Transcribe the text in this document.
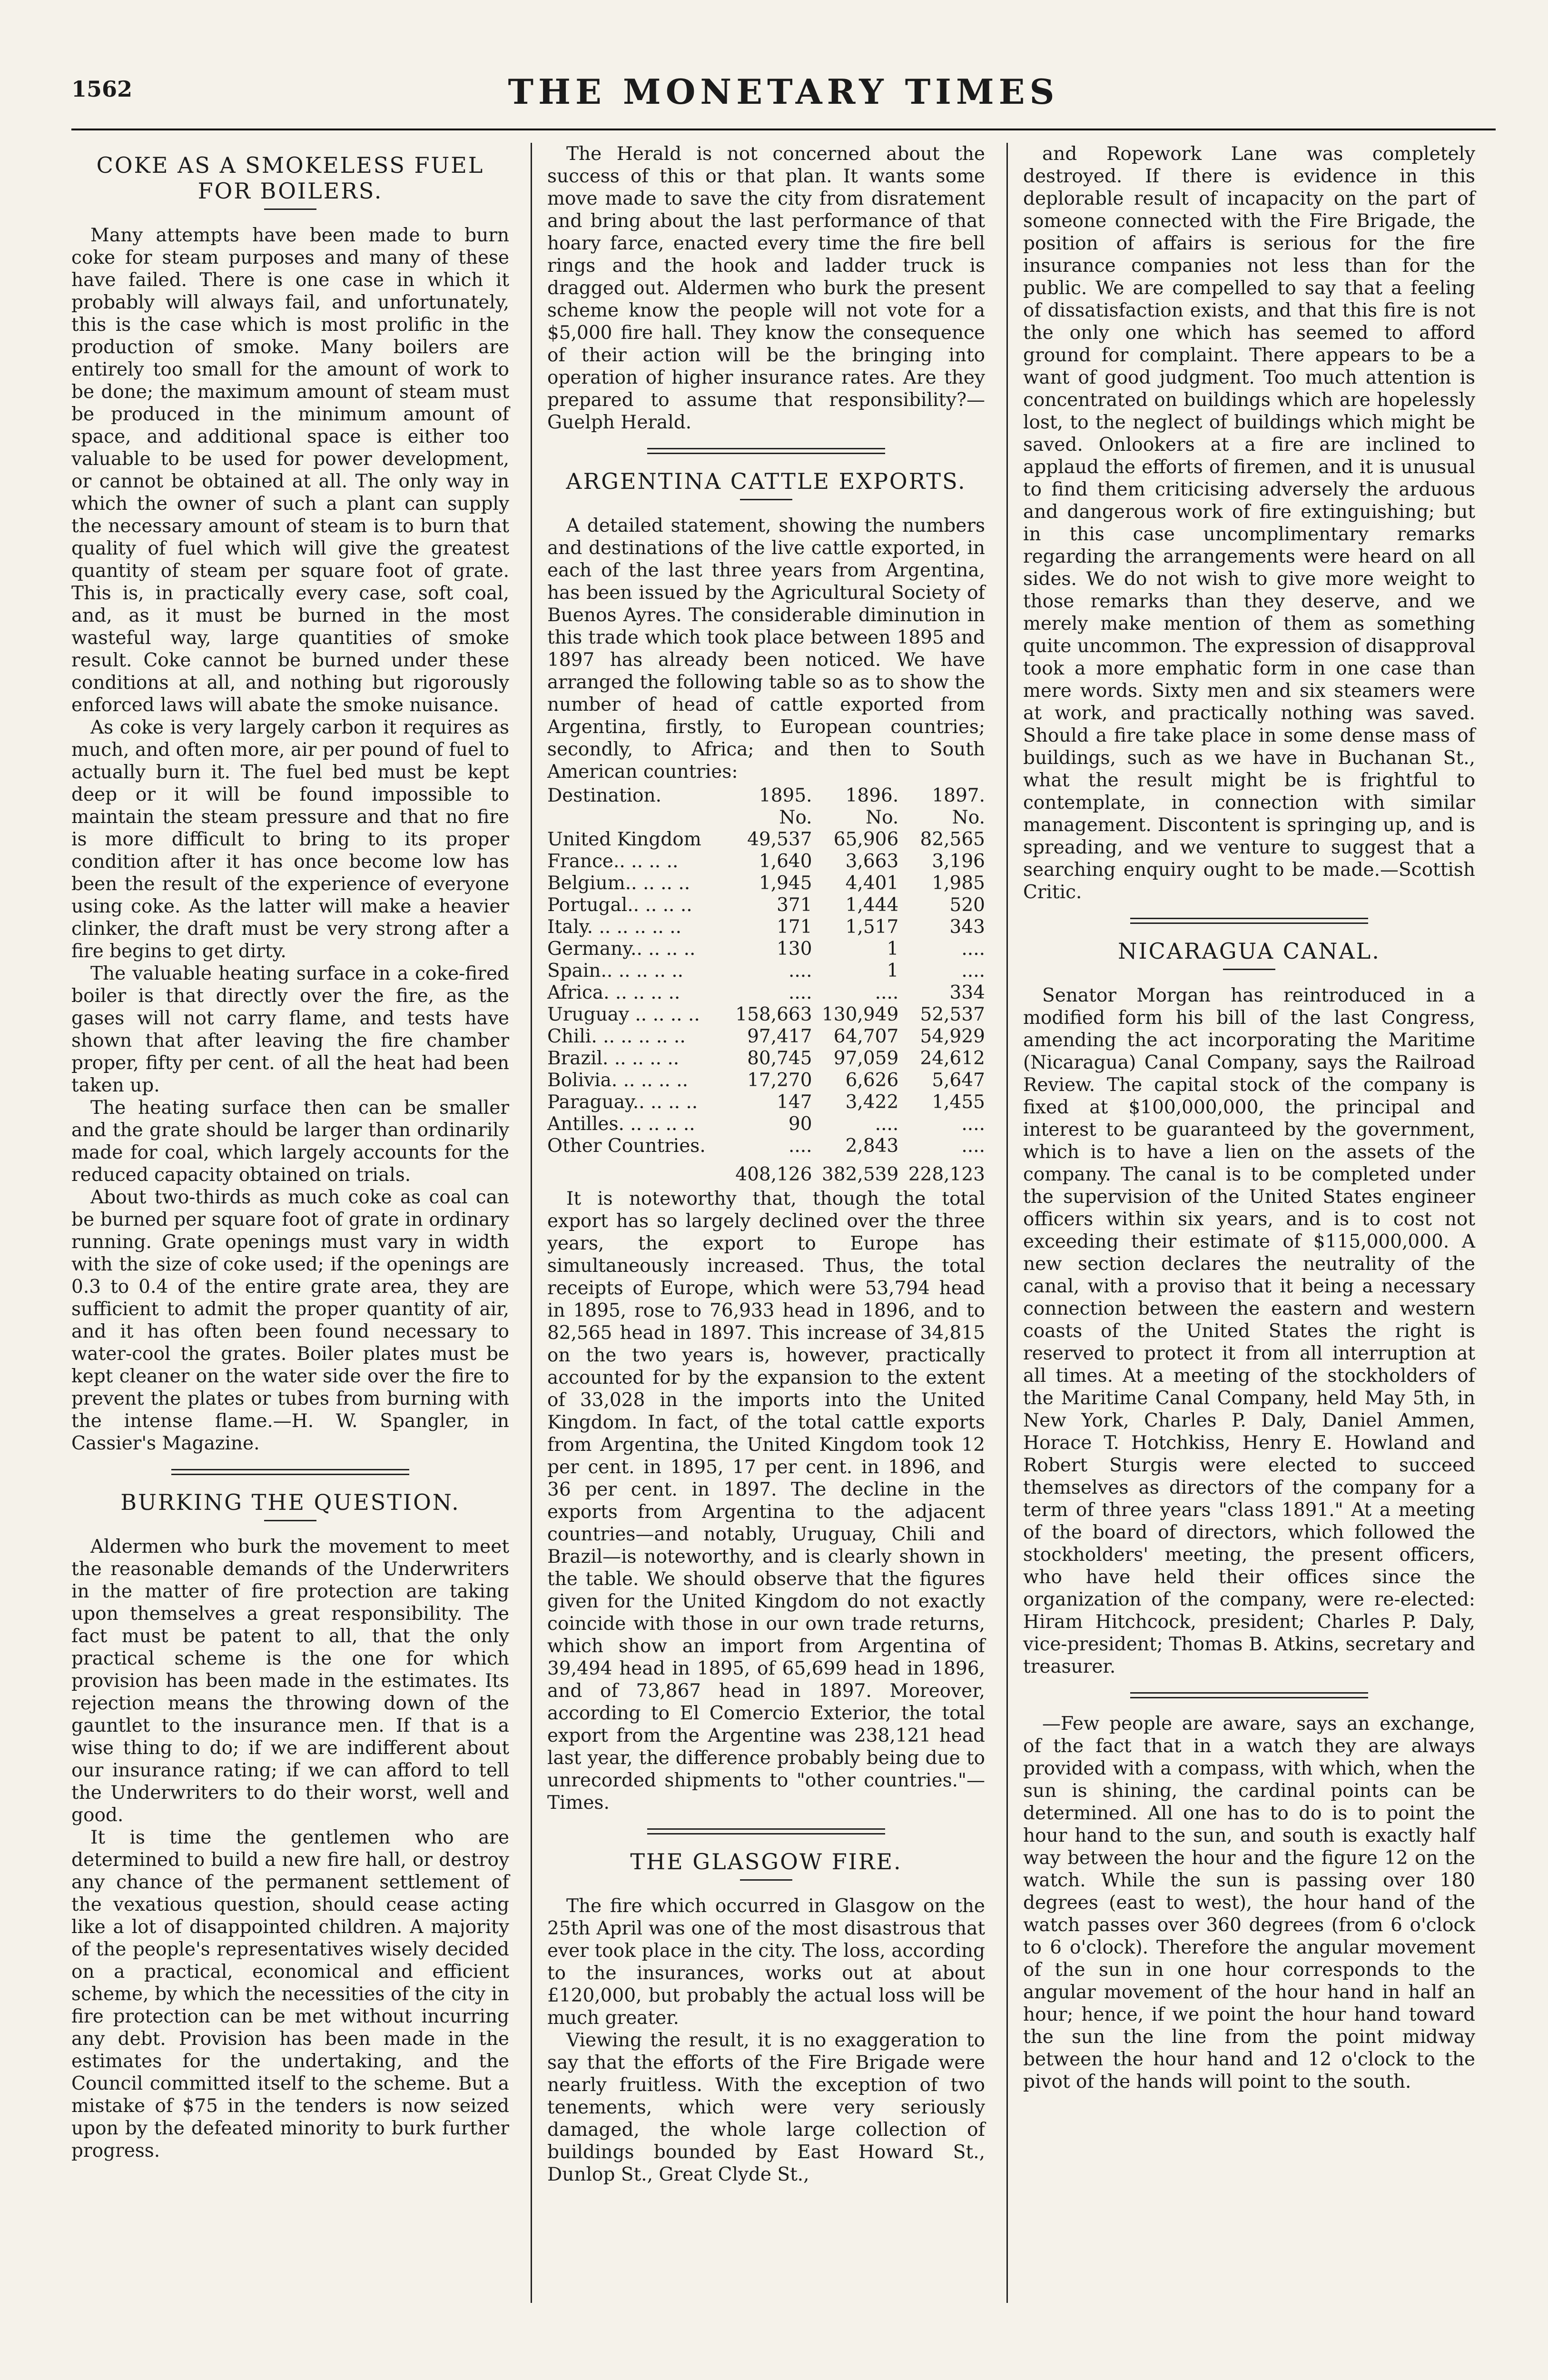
1562	THE MONETARY TIMES
COKE AS A SMOKELESS FUEL FOR BOILERS.

Many attempts have been made to burn coke for steam purposes and many of these have failed. There is one case in which it probably will always fail, and unfortunately, this is the case which is most prolific in the production of smoke. Many boilers are entirely too small for the amount of work to be done; the maximum amount of steam must be produced in the minimum amount of space, and additional space is either too valuable to be used for power development, or cannot be obtained at all. The only way in which the owner of such a plant can supply the necessary amount of steam is to burn that quality of fuel which will give the greatest quantity of steam per square foot of grate. This is, in practically every case, soft coal, and, as it must be burned in the most wasteful way, large quantities of smoke result. Coke cannot be burned under these conditions at all, and nothing but rigorously enforced laws will abate the smoke nuisance.

As coke is very largely carbon it requires as much, and often more, air per pound of fuel to actually burn it. The fuel bed must be kept deep or it will be found impossible to maintain the steam pressure and that no fire is more difficult to bring to its proper condition after it has once become low has been the result of the experience of everyone using coke. As the latter will make a heavier clinker, the draft must be very strong after a fire begins to get dirty.

The valuable heating surface in a coke-fired boiler is that directly over the fire, as the gases will not carry flame, and tests have shown that after leaving the fire chamber proper, fifty per cent. of all the heat had been taken up.

The heating surface then can be smaller and the grate should be larger than ordinarily made for coal, which largely accounts for the reduced capacity obtained on trials.

About two-thirds as much coke as coal can be burned per square foot of grate in ordinary running. Grate openings must vary in width with the size of coke used; if the openings are 0.3 to 0.4 of the entire grate area, they are sufficient to admit the proper quantity of air, and it has often been found necessary to water-cool the grates. Boiler plates must be kept cleaner on the water side over the fire to prevent the plates or tubes from burning with the intense flame.—H. W. Spangler, in Cassier's Magazine.

BURKING THE QUESTION.

Aldermen who burk the movement to meet the reasonable demands of the Underwriters in the matter of fire protection are taking upon themselves a great responsibility. The fact must be patent to all, that the only practical scheme is the one for which provision has been made in the estimates. Its rejection means the throwing down of the gauntlet to the insurance men. If that is a wise thing to do; if we are indifferent about our insurance rating; if we can afford to tell the Underwriters to do their worst, well and good.

It is time the gentlemen who are determined to build a new fire hall, or destroy any chance of the permanent settlement of the vexatious question, should cease acting like a lot of disappointed children. A majority of the people's representatives wisely decided on a practical, economical and efficient scheme, by which the necessities of the city in fire protection can be met without incurring any debt. Provision has been made in the estimates for the undertaking, and the Council committed itself to the scheme. But a mistake of $75 in the tenders is now seized upon by the defeated minority to burk further progress.

The Herald is not concerned about the success of this or that plan. It wants some move made to save the city from disratement and bring about the last performance of that hoary farce, enacted every time the fire bell rings and the hook and ladder truck is dragged out. Aldermen who burk the present scheme know the people will not vote for a $5,000 fire hall. They know the consequence of their action will be the bringing into operation of higher insurance rates. Are they prepared to assume that responsibility?—Guelph Herald.

ARGENTINA CATTLE EXPORTS.

A detailed statement, showing the numbers and destinations of the live cattle exported, in each of the last three years from Argentina, has been issued by the Agricultural Society of Buenos Ayres. The considerable diminution in this trade which took place between 1895 and 1897 has already been noticed. We have arranged the following table so as to show the number of head of cattle exported from Argentina, firstly, to European countries; secondly, to Africa; and then to South American countries:

Destination.	1895.	1896.	1897.
	No.	No.	No.
United Kingdom	49,537	65,906	82,565
France.. .. .. ..	1,640	3,663	3,196
Belgium.. .. .. ..	1,945	4,401	1,985
Portugal.. .. .. ..	371	1,444	520
Italy. .. .. .. .. ..	171	1,517	343
Germany.. .. .. ..	130	1	....
Spain.. .. .. .. ..	....	1	....
Africa. .. .. .. ..	....	....	334
Uruguay .. .. .. ..	158,663	130,949	52,537
Chili. .. .. .. .. ..	97,417	64,707	54,929
Brazil. .. .. .. ..	80,745	97,059	24,612
Bolivia. .. .. .. ..	17,270	6,626	5,647
Paraguay.. .. .. ..	147	3,422	1,455
Antilles. .. .. .. ..	90	....	....
Other Countries.	....	2,843	....
	408,126	382,539	228,123

It is noteworthy that, though the total export has so largely declined over the three years, the export to Europe has simultaneously increased. Thus, the total receipts of Europe, which were 53,794 head in 1895, rose to 76,933 head in 1896, and to 82,565 head in 1897. This increase of 34,815 on the two years is, however, practically accounted for by the expansion to the extent of 33,028 in the imports into the United Kingdom. In fact, of the total cattle exports from Argentina, the United Kingdom took 12 per cent. in 1895, 17 per cent. in 1896, and 36 per cent. in 1897. The decline in the exports from Argentina to the adjacent countries—and notably, Uruguay, Chili and Brazil—is noteworthy, and is clearly shown in the table. We should observe that the figures given for the United Kingdom do not exactly coincide with those in our own trade returns, which show an import from Argentina of 39,494 head in 1895, of 65,699 head in 1896, and of 73,867 head in 1897. Moreover, according to El Comercio Exterior, the total export from the Argentine was 238,121 head last year, the difference probably being due to unrecorded shipments to "other countries."—Times.

THE GLASGOW FIRE.

The fire which occurred in Glasgow on the 25th April was one of the most disastrous that ever took place in the city. The loss, according to the insurances, works out at about £120,000, but probably the actual loss will be much greater.

Viewing the result, it is no exaggeration to say that the efforts of the Fire Brigade were nearly fruitless. With the exception of two tenements, which were very seriously damaged, the whole large collection of buildings bounded by East Howard St., Dunlop St., Great Clyde St.,

and Ropework Lane was completely destroyed. If there is evidence in this deplorable result of incapacity on the part of someone connected with the Fire Brigade, the position of affairs is serious for the fire insurance companies not less than for the public. We are compelled to say that a feeling of dissatisfaction exists, and that this fire is not the only one which has seemed to afford ground for complaint. There appears to be a want of good judgment. Too much attention is concentrated on buildings which are hopelessly lost, to the neglect of buildings which might be saved. Onlookers at a fire are inclined to applaud the efforts of firemen, and it is unusual to find them criticising adversely the arduous and dangerous work of fire extinguishing; but in this case uncomplimentary remarks regarding the arrangements were heard on all sides. We do not wish to give more weight to those remarks than they deserve, and we merely make mention of them as something quite uncommon. The expression of disapproval took a more emphatic form in one case than mere words. Sixty men and six steamers were at work, and practically nothing was saved. Should a fire take place in some dense mass of buildings, such as we have in Buchanan St., what the result might be is frightful to contemplate, in connection with similar management. Discontent is springing up, and is spreading, and we venture to suggest that a searching enquiry ought to be made.—Scottish Critic.

NICARAGUA CANAL.

Senator Morgan has reintroduced in a modified form his bill of the last Congress, amending the act incorporating the Maritime (Nicaragua) Canal Company, says the Railroad Review. The capital stock of the company is fixed at $100,000,000, the principal and interest to be guaranteed by the government, which is to have a lien on the assets of the company. The canal is to be completed under the supervision of the United States engineer officers within six years, and is to cost not exceeding their estimate of $115,000,000. A new section declares the neutrality of the canal, with a proviso that it being a necessary connection between the eastern and western coasts of the United States the right is reserved to protect it from all interruption at all times. At a meeting of the stockholders of the Maritime Canal Company, held May 5th, in New York, Charles P. Daly, Daniel Ammen, Horace T. Hotchkiss, Henry E. Howland and Robert Sturgis were elected to succeed themselves as directors of the company for a term of three years "class 1891." At a meeting of the board of directors, which followed the stockholders' meeting, the present officers, who have held their offices since the organization of the company, were re-elected: Hiram Hitchcock, president; Charles P. Daly, vice-president; Thomas B. Atkins, secretary and treasurer.

—Few people are aware, says an exchange, of the fact that in a watch they are always provided with a compass, with which, when the sun is shining, the cardinal points can be determined. All one has to do is to point the hour hand to the sun, and south is exactly half way between the hour and the figure 12 on the watch. While the sun is passing over 180 degrees (east to west), the hour hand of the watch passes over 360 degrees (from 6 o'clock to 6 o'clock). Therefore the angular movement of the sun in one hour corresponds to the angular movement of the hour hand in half an hour; hence, if we point the hour hand toward the sun the line from the point midway between the hour hand and 12 o'clock to the pivot of the hands will point to the south.
